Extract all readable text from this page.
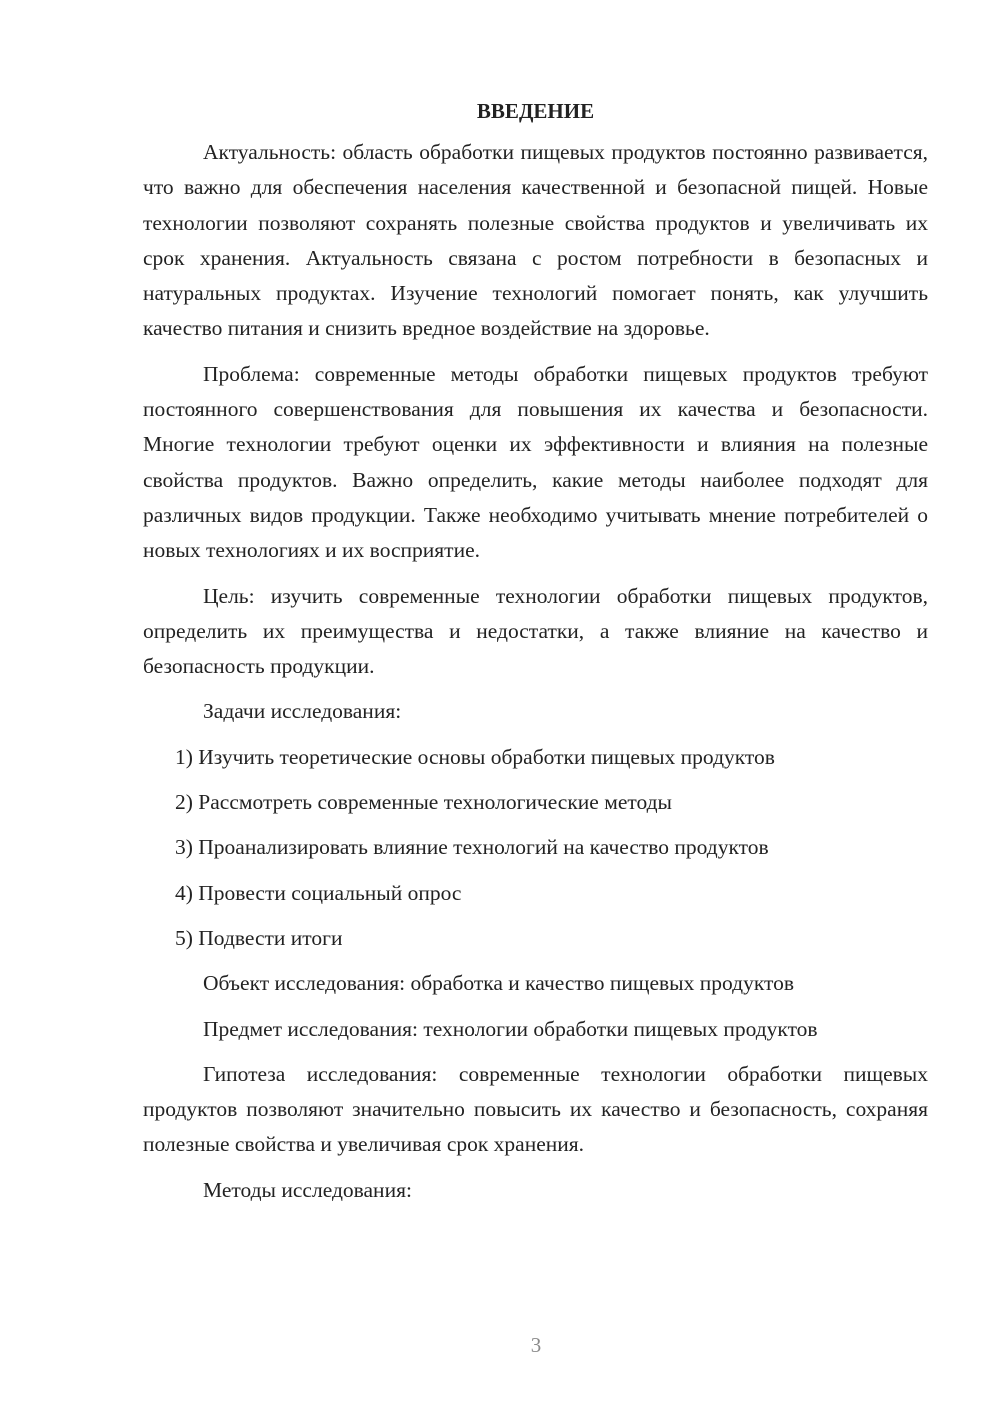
ВВЕДЕНИЕ

Актуальность: область обработки пищевых продуктов постоянно развивается, что важно для обеспечения населения качественной и безопасной пищей. Новые технологии позволяют сохранять полезные свойства продуктов и увеличивать их срок хранения. Актуальность связана с ростом потребности в безопасных и натуральных продуктах. Изучение технологий помогает понять, как улучшить качество питания и снизить вредное воздействие на здоровье.

Проблема: современные методы обработки пищевых продуктов требуют постоянного совершенствования для повышения их качества и безопасности. Многие технологии требуют оценки их эффективности и влияния на полезные свойства продуктов. Важно определить, какие методы наиболее подходят для различных видов продукции. Также необходимо учитывать мнение потребителей о новых технологиях и их восприятие.

Цель: изучить современные технологии обработки пищевых продуктов, определить их преимущества и недостатки, а также влияние на качество и безопасность продукции.

Задачи исследования:

1) Изучить теоретические основы обработки пищевых продуктов
2) Рассмотреть современные технологические методы
3) Проанализировать влияние технологий на качество продуктов
4) Провести социальный опрос
5) Подвести итоги

Объект исследования: обработка и качество пищевых продуктов

Предмет исследования: технологии обработки пищевых продуктов

Гипотеза исследования: современные технологии обработки пищевых продуктов позволяют значительно повысить их качество и безопасность, сохраняя полезные свойства и увеличивая срок хранения.

Методы исследования:

3
